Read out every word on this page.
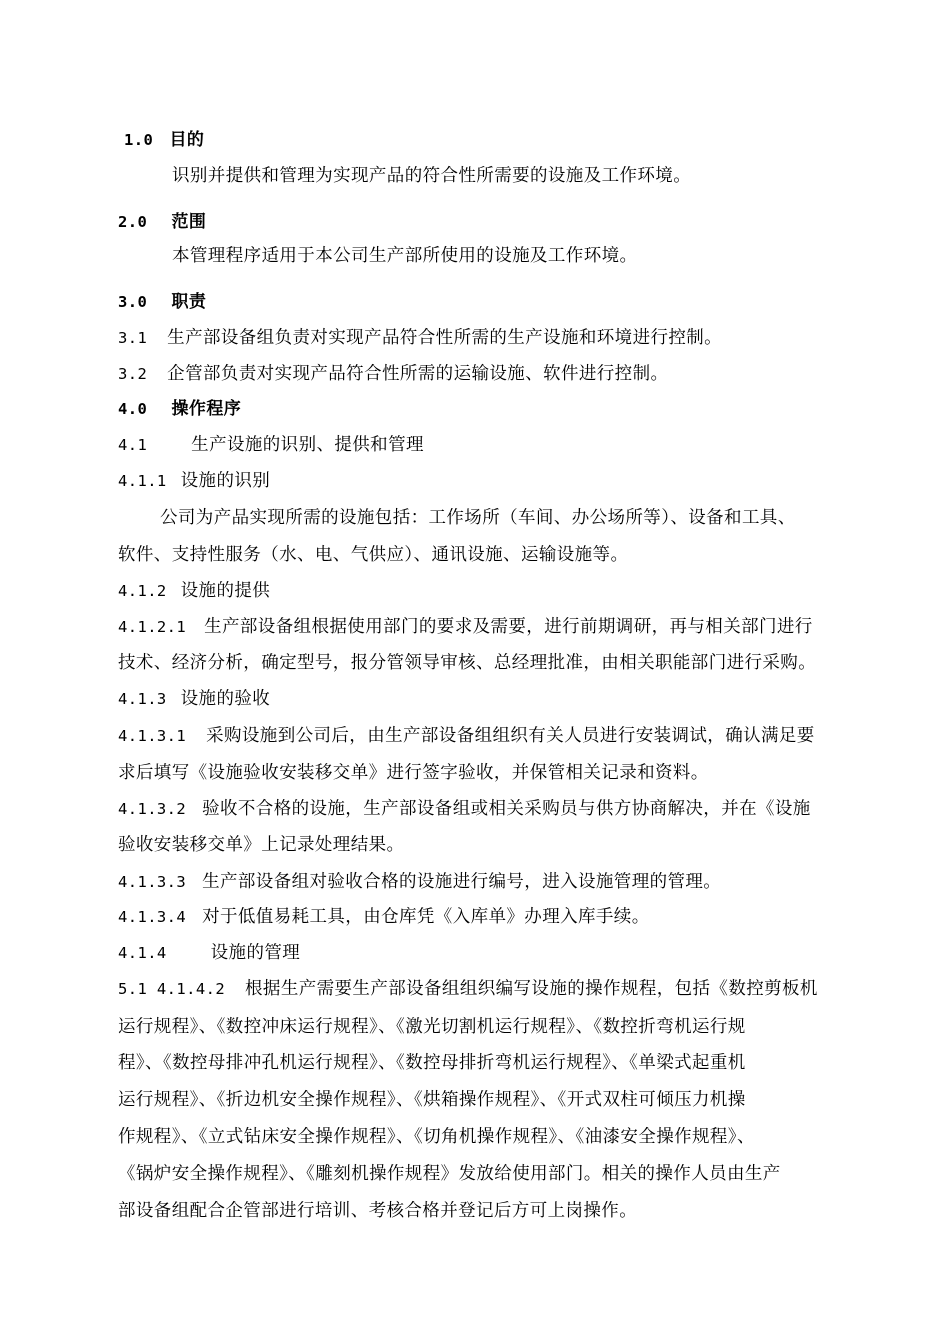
1.0 目的
识别并提供和管理为实现产品的符合性所需要的设施及工作环境。
2.0 范围
本管理程序适用于本公司生产部所使用的设施及工作环境。
3.0 职责
3.1 生产部设备组负责对实现产品符合性所需的生产设施和环境进行控制。
3.2 企管部负责对实现产品符合性所需的运输设施、软件进行控制。
4.0 操作程序
4.1	生产设施的识别、提供和管理
4.1.1 设施的识别
公司为产品实现所需的设施包括：工作场所（车间、办公场所等）、设备和工具、
软件、支持性服务（水、电、气供应）、通讯设施、运输设施等。
4.1.2 设施的提供
4.1.2.1 生产部设备组根据使用部门的要求及需要，进行前期调研，再与相关部门进行
技术、经济分析，确定型号，报分管领导审核、总经理批准，由相关职能部门进行采购。
4.1.3 设施的验收
4.1.3.1 采购设施到公司后，由生产部设备组组织有关人员进行安装调试，确认满足要
求后填写《设施验收安装移交单》进行签字验收，并保管相关记录和资料。
4.1.3.2 验收不合格的设施，生产部设备组或相关采购员与供方协商解决，并在《设施
验收安装移交单》上记录处理结果。
4.1.3.3 生产部设备组对验收合格的设施进行编号，进入设施管理的管理。
4.1.3.4 对于低值易耗工具，由仓库凭《入库单》办理入库手续。
4.1.4	设施的管理
5.1 4.1.4.2 根据生产需要生产部设备组组织编写设施的操作规程，包括《数控剪板机
运行规程》、《数控冲床运行规程》、《激光切割机运行规程》、《数控折弯机运行规
程》、《数控母排冲孔机运行规程》、《数控母排折弯机运行规程》、《单梁式起重机
运行规程》、《折边机安全操作规程》、《烘箱操作规程》、《开式双柱可倾压力机操
作规程》、《立式钻床安全操作规程》、《切角机操作规程》、《油漆安全操作规程》、
《锅炉安全操作规程》、《雕刻机操作规程》发放给使用部门。相关的操作人员由生产
部设备组配合企管部进行培训、考核合格并登记后方可上岗操作。
